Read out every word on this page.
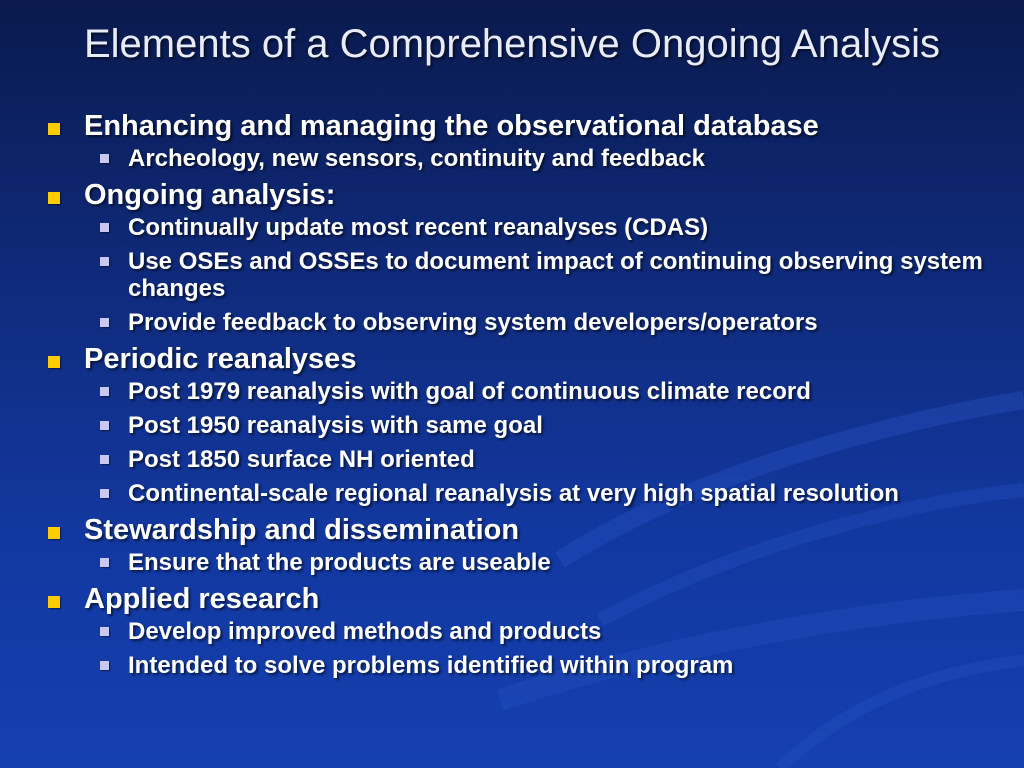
Elements of a Comprehensive Ongoing Analysis
Enhancing and managing the observational database
Archeology, new sensors, continuity and feedback
Ongoing analysis:
Continually update most recent reanalyses (CDAS)
Use OSEs and OSSEs to document impact of continuing observing system changes
Provide feedback to observing system developers/operators
Periodic reanalyses
Post 1979 reanalysis with goal of continuous climate record
Post 1950 reanalysis with same goal
Post 1850 surface NH oriented
Continental-scale regional reanalysis at very high spatial resolution
Stewardship and dissemination
Ensure that the products are useable
Applied research
Develop improved methods and products
Intended to solve problems identified within program
